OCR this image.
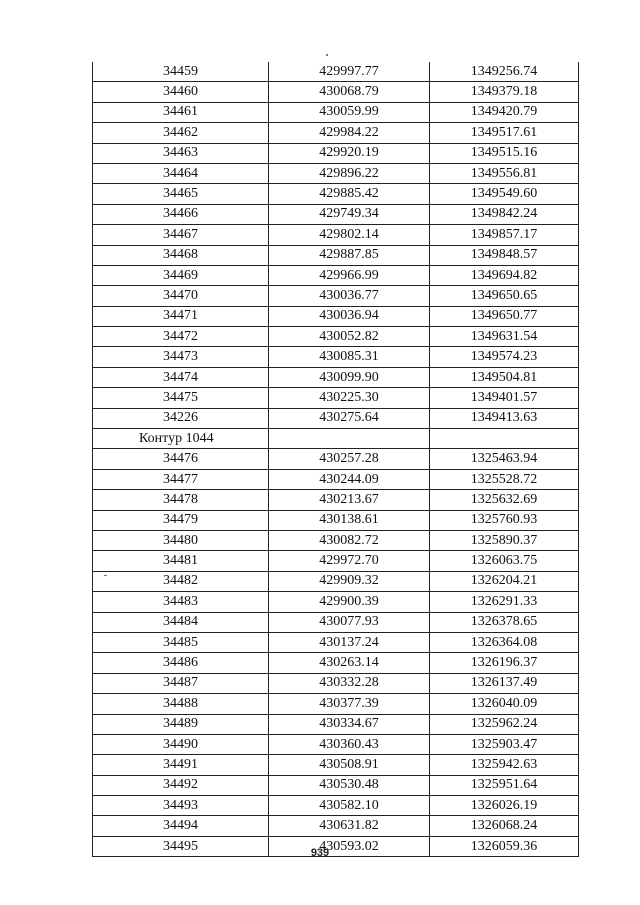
34459	429997.77	1349256.74
34460	430068.79	1349379.18
34461	430059.99	1349420.79
34462	429984.22	1349517.61
34463	429920.19	1349515.16
34464	429896.22	1349556.81
34465	429885.42	1349549.60
34466	429749.34	1349842.24
34467	429802.14	1349857.17
34468	429887.85	1349848.57
34469	429966.99	1349694.82
34470	430036.77	1349650.65
34471	430036.94	1349650.77
34472	430052.82	1349631.54
34473	430085.31	1349574.23
34474	430099.90	1349504.81
34475	430225.30	1349401.57
34226	430275.64	1349413.63
Контур 1044		
34476	430257.28	1325463.94
34477	430244.09	1325528.72
34478	430213.67	1325632.69
34479	430138.61	1325760.93
34480	430082.72	1325890.37
34481	429972.70	1326063.75
34482	429909.32	1326204.21
34483	429900.39	1326291.33
34484	430077.93	1326378.65
34485	430137.24	1326364.08
34486	430263.14	1326196.37
34487	430332.28	1326137.49
34488	430377.39	1326040.09
34489	430334.67	1325962.24
34490	430360.43	1325903.47
34491	430508.91	1325942.63
34492	430530.48	1325951.64
34493	430582.10	1326026.19
34494	430631.82	1326068.24
34495	430593.02	1326059.36
939
